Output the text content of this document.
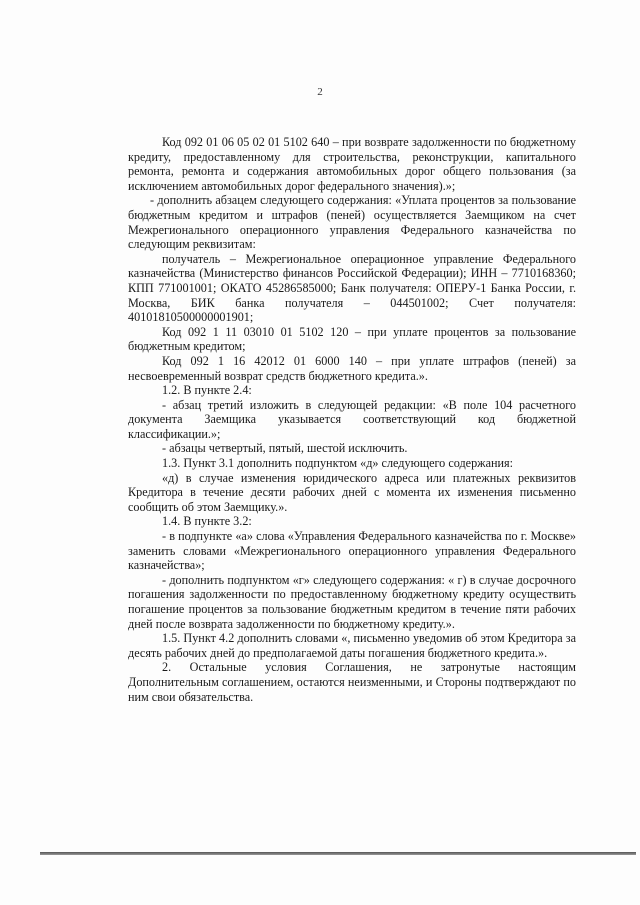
2

Код 092 01 06 05 02 01 5102 640 – при возврате задолженности по бюджетному кредиту, предоставленному для строительства, реконструкции, капитального ремонта, ремонта и содержания автомобильных дорог общего пользования (за исключением автомобильных дорог федерального значения).»;

- дополнить абзацем следующего содержания: «Уплата процентов за пользование бюджетным кредитом и штрафов (пеней) осуществляется Заемщиком на счет Межрегионального операционного управления Федерального казначейства по следующим реквизитам:

получатель – Межрегиональное операционное управление Федерального казначейства (Министерство финансов Российской Федерации); ИНН – 7710168360; КПП 771001001; ОКАТО 45286585000; Банк получателя: ОПЕРУ-1 Банка России, г. Москва, БИК банка получателя – 044501002; Счет получателя: 40101810500000001901;

Код 092 1 11 03010 01 5102 120 – при уплате процентов за пользование бюджетным кредитом;

Код 092 1 16 42012 01 6000 140 – при уплате штрафов (пеней) за несвоевременный возврат средств бюджетного кредита.».

1.2. В пункте 2.4:

- абзац третий изложить в следующей редакции: «В поле 104 расчетного документа Заемщика указывается соответствующий код бюджетной классификации.»;

- абзацы четвертый, пятый, шестой исключить.

1.3. Пункт 3.1 дополнить подпунктом «д» следующего содержания:

«д) в случае изменения юридического адреса или платежных реквизитов Кредитора в течение десяти рабочих дней с момента их изменения письменно сообщить об этом Заемщику.».

1.4. В пункте 3.2:

- в подпункте «а» слова «Управления Федерального казначейства по г. Москве» заменить словами «Межрегионального операционного управления Федерального казначейства»;

- дополнить подпунктом «г» следующего содержания: « г) в случае досрочного погашения задолженности по предоставленному бюджетному кредиту осуществить погашение процентов за пользование бюджетным кредитом в течение пяти рабочих дней после возврата задолженности по бюджетному кредиту.».

1.5. Пункт 4.2 дополнить словами «, письменно уведомив об этом Кредитора за десять рабочих дней до предполагаемой даты погашения бюджетного кредита.».

2. Остальные условия Соглашения, не затронутые настоящим Дополнительным соглашением, остаются неизменными, и Стороны подтверждают по ним свои обязательства.
